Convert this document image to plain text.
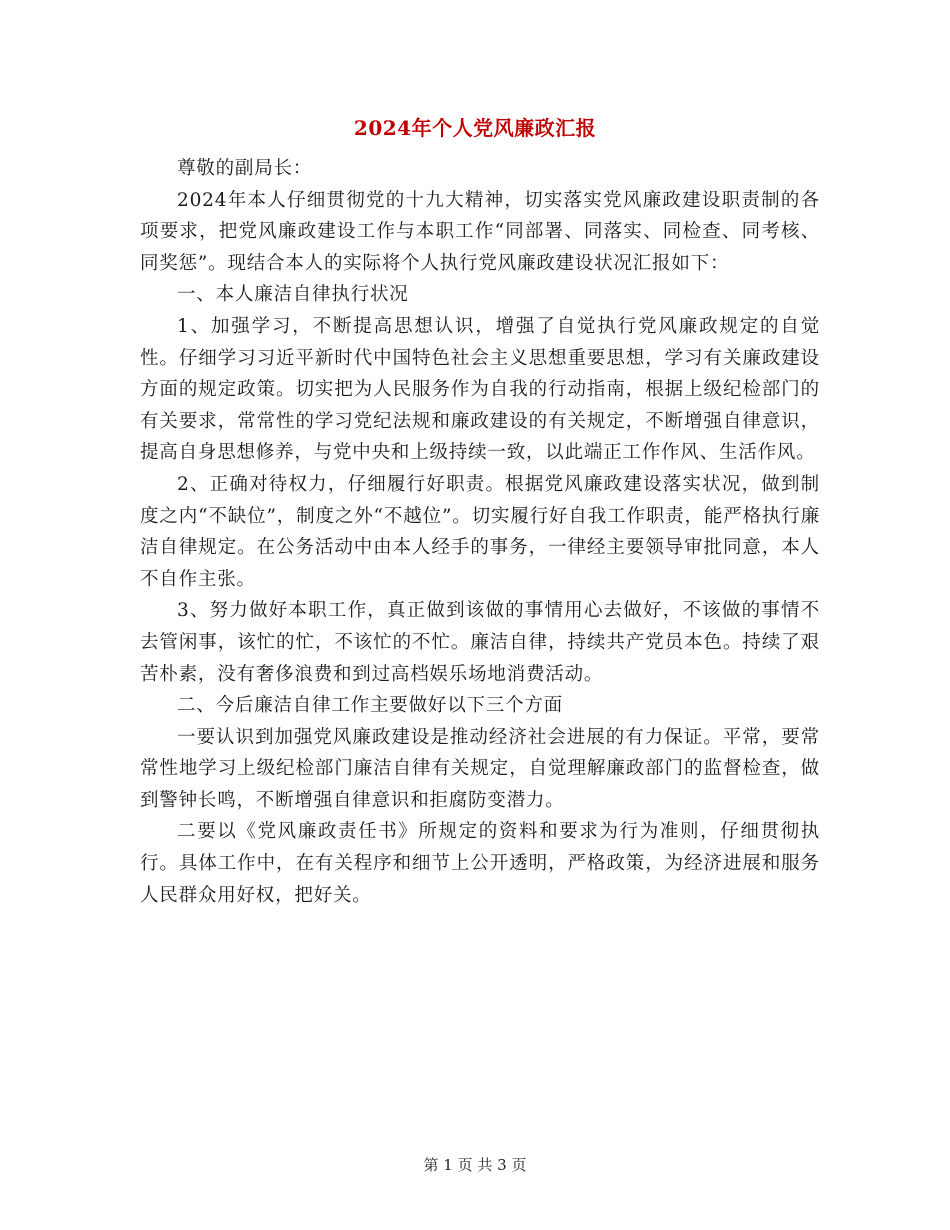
2024年个人党风廉政汇报

尊敬的副局长：

2024年本人仔细贯彻党的十九大精神，切实落实党风廉政建设职责制的各项要求，把党风廉政建设工作与本职工作“同部署、同落实、同检查、同考核、同奖惩”。现结合本人的实际将个人执行党风廉政建设状况汇报如下：

一、本人廉洁自律执行状况

1、加强学习，不断提高思想认识，增强了自觉执行党风廉政规定的自觉性。仔细学习习近平新时代中国特色社会主义思想重要思想，学习有关廉政建设方面的规定政策。切实把为人民服务作为自我的行动指南，根据上级纪检部门的有关要求，常常性的学习党纪法规和廉政建设的有关规定，不断增强自律意识，提高自身思想修养，与党中央和上级持续一致，以此端正工作作风、生活作风。

2、正确对待权力，仔细履行好职责。根据党风廉政建设落实状况，做到制度之内“不缺位”，制度之外“不越位”。切实履行好自我工作职责，能严格执行廉洁自律规定。在公务活动中由本人经手的事务，一律经主要领导审批同意，本人不自作主张。

3、努力做好本职工作，真正做到该做的事情用心去做好，不该做的事情不去管闲事，该忙的忙，不该忙的不忙。廉洁自律，持续共产党员本色。持续了艰苦朴素，没有奢侈浪费和到过高档娱乐场地消费活动。

二、今后廉洁自律工作主要做好以下三个方面

一要认识到加强党风廉政建设是推动经济社会进展的有力保证。平常，要常常性地学习上级纪检部门廉洁自律有关规定，自觉理解廉政部门的监督检查，做到警钟长鸣，不断增强自律意识和拒腐防变潜力。

二要以《党风廉政责任书》所规定的资料和要求为行为准则，仔细贯彻执行。具体工作中，在有关程序和细节上公开透明，严格政策，为经济进展和服务人民群众用好权，把好关。

第 1 页 共 3 页
